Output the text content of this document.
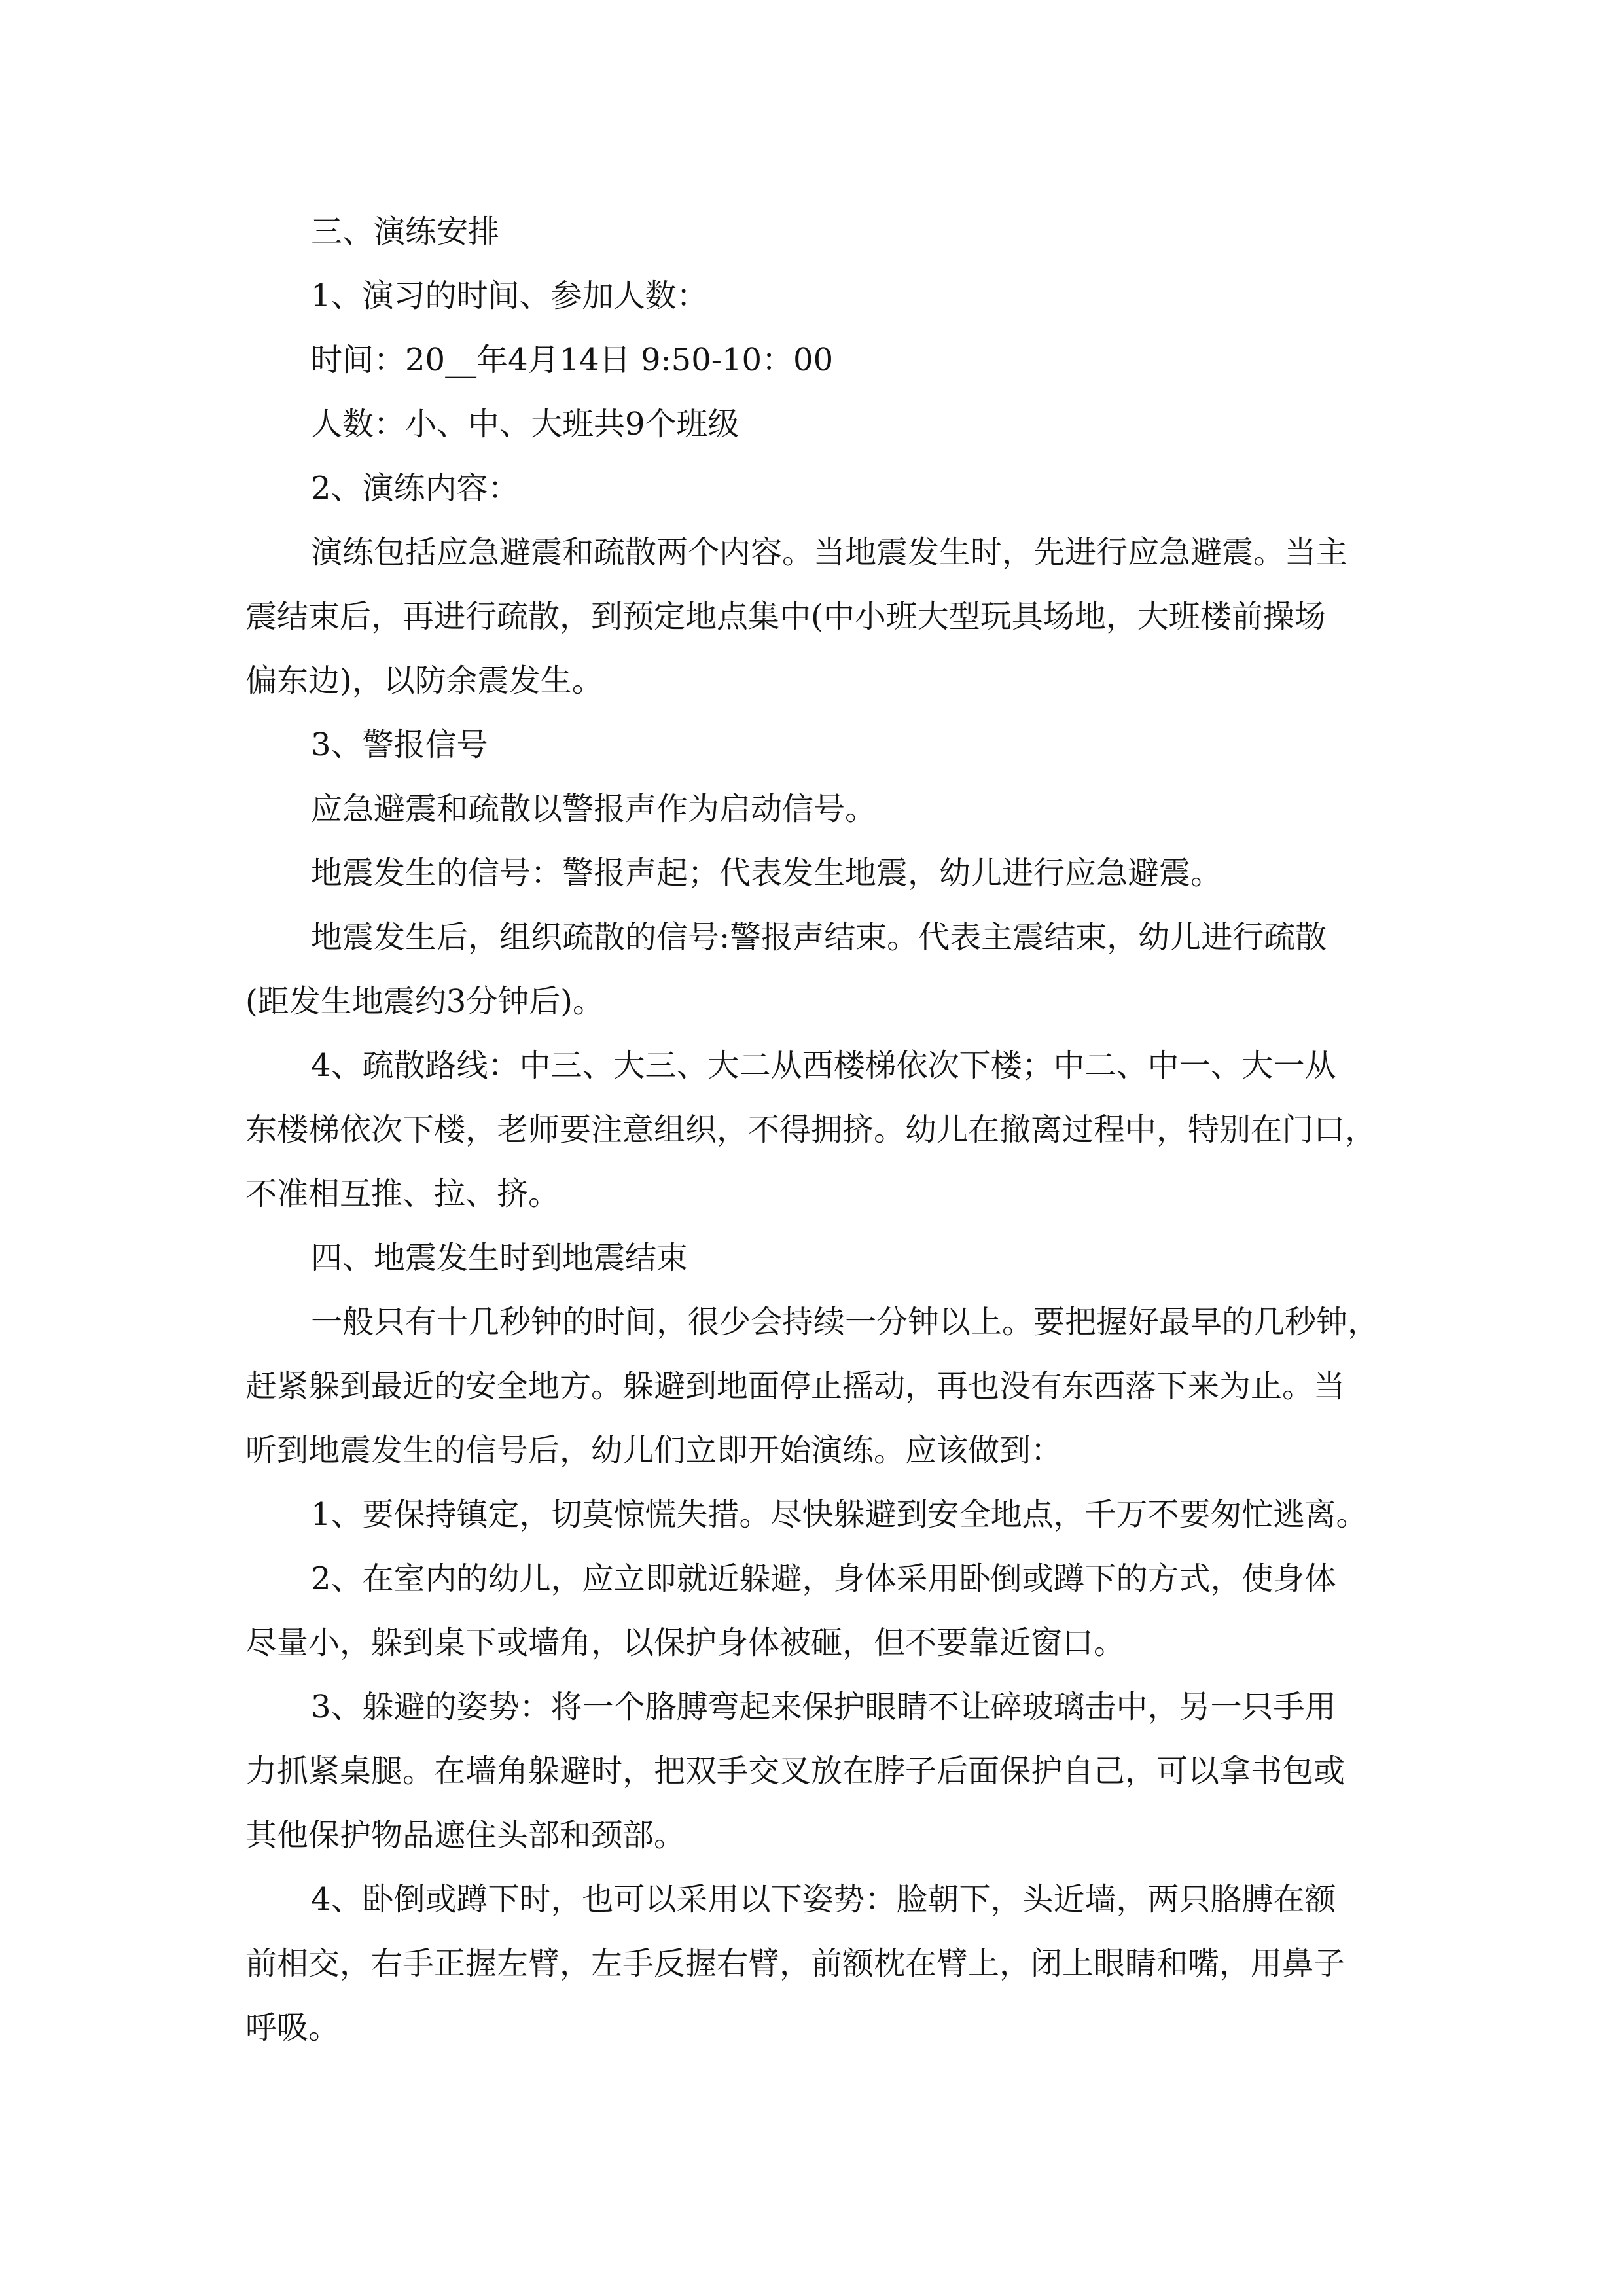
三、演练安排
1、演习的时间、参加人数：
时间：20__年4月14日 9:50-10：00
人数：小、中、大班共9个班级
2、演练内容：
演练包括应急避震和疏散两个内容。当地震发生时，先进行应急避震。当主
震结束后，再进行疏散，到预定地点集中(中小班大型玩具场地，大班楼前操场
偏东边)，以防余震发生。
3、警报信号
应急避震和疏散以警报声作为启动信号。
地震发生的信号：警报声起；代表发生地震，幼儿进行应急避震。
地震发生后，组织疏散的信号:警报声结束。代表主震结束，幼儿进行疏散
(距发生地震约3分钟后)。
4、疏散路线：中三、大三、大二从西楼梯依次下楼；中二、中一、大一从
东楼梯依次下楼，老师要注意组织，不得拥挤。幼儿在撤离过程中，特别在门口，
不准相互推、拉、挤。
四、地震发生时到地震结束
一般只有十几秒钟的时间，很少会持续一分钟以上。要把握好最早的几秒钟，
赶紧躲到最近的安全地方。躲避到地面停止摇动，再也没有东西落下来为止。当
听到地震发生的信号后，幼儿们立即开始演练。应该做到：
1、要保持镇定，切莫惊慌失措。尽快躲避到安全地点，千万不要匆忙逃离。
2、在室内的幼儿，应立即就近躲避，身体采用卧倒或蹲下的方式，使身体
尽量小，躲到桌下或墙角，以保护身体被砸，但不要靠近窗口。
3、躲避的姿势：将一个胳膊弯起来保护眼睛不让碎玻璃击中，另一只手用
力抓紧桌腿。在墙角躲避时，把双手交叉放在脖子后面保护自己，可以拿书包或
其他保护物品遮住头部和颈部。
4、卧倒或蹲下时，也可以采用以下姿势：脸朝下，头近墙，两只胳膊在额
前相交，右手正握左臂，左手反握右臂，前额枕在臂上，闭上眼睛和嘴，用鼻子
呼吸。
